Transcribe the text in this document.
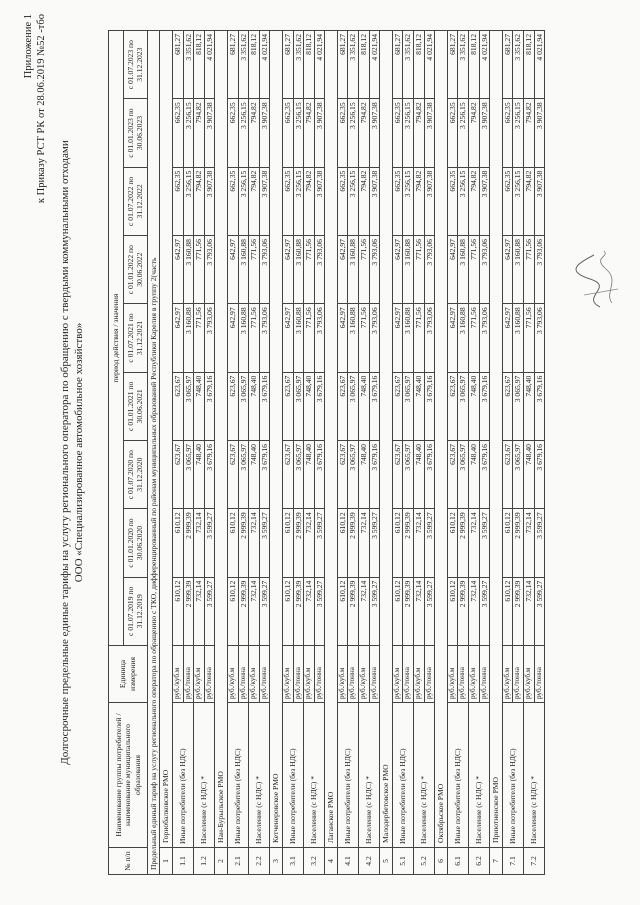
Приложение 1 к Приказу РСТ РК от 28.06.2019 №52 -тбо
Долгосрочные предельные единые тарифы на услугу регионального оператора по обращению с твердыми коммунальными отходами ООО «Специализированное автомобильное хозяйство»
№ п/п	Наименование группы потребителей / наименование муниципального образования	Единица измерения	период действия / значения								
			с 01.07.2019 по 31.12.2019	с 01.01.2020 по 30.06.2020	с 01.07.2020 по 31.12.2020	с 01.01.2021 по 30.06.2021	с 01.07.2021 по 31.12.2021	с 01.01.2022 по 30.06.2022	с 01.07.2022 по 31.12.2022	с 01.01.2023 по 30.06.2023	с 01.07.2023 по 31.12.2023
Предельный единый тариф на услугу регионального оператора по обращению с ТКО, дифференцированный по районам муниципальных образований Республики Карелия в группу 2(часть											
1	Горнобалковское РМО										
1.1	Иные потребители (без НДС)	руб./куб.м	610,12	610,12	623,67	623,67	642,97	642,97	662,35	662,35	681,27
		руб./тонна	2 999,39	2 999,39	3 065,97	3 065,97	3 160,88	3 160,88	3 256,15	3 256,15	3 351,62
1.2	Население (с НДС) *	руб./куб.м	732,14	732,14	748,40	748,40	771,56	771,56	794,82	794,82	818,12
		руб./тонна	3 599,27	3 599,27	3 679,16	3 679,16	3 793,06	3 793,06	3 907,38	3 907,38	4 021,94
2	Нан-Бурыльское РМО										
2.1	Иные потребители (без НДС)	руб./куб.м	610,12	610,12	623,67	623,67	642,97	642,97	662,35	662,35	681,27
		руб./тонна	2 999,39	2 999,39	3 065,97	3 065,97	3 160,88	3 160,88	3 256,15	3 256,15	3 351,62
2.2	Население (с НДС) *	руб./куб.м	732,14	732,14	748,40	748,40	771,56	771,56	794,82	794,82	818,12
		руб./тонна	3 599,27	3 599,27	3 679,16	3 679,16	3 793,06	3 793,06	3 907,38	3 907,38	4 021,94
3	Кетченеровское РМО										
3.1	Иные потребители (без НДС)	руб./куб.м	610,12	610,12	623,67	623,67	642,97	642,97	662,35	662,35	681,27
		руб./тонна	2 999,39	2 999,39	3 065,97	3 065,97	3 160,88	3 160,88	3 256,15	3 256,15	3 351,62
3.2	Население (с НДС) *	руб./куб.м	732,14	732,14	748,40	748,40	771,56	771,56	794,82	794,82	818,12
		руб./тонна	3 599,27	3 599,27	3 679,16	3 679,16	3 793,06	3 793,06	3 907,38	3 907,38	4 021,94
4	Лаганское РМО										
4.1	Иные потребители (без НДС)	руб./куб.м	610,12	610,12	623,67	623,67	642,97	642,97	662,35	662,35	681,27
		руб./тонна	2 999,39	2 999,39	3 065,97	3 065,97	3 160,88	3 160,88	3 256,15	3 256,15	3 351,62
4.2	Население (с НДС) *	руб./куб.м	732,14	732,14	748,40	748,40	771,56	771,56	794,82	794,82	818,12
		руб./тонна	3 599,27	3 599,27	3 679,16	3 679,16	3 793,06	3 793,06	3 907,38	3 907,38	4 021,94
5	Малодербетовское РМО										
5.1	Иные потребители (без НДС)	руб./куб.м	610,12	610,12	623,67	623,67	642,97	642,97	662,35	662,35	681,27
		руб./тонна	2 999,39	2 999,39	3 065,97	3 065,97	3 160,88	3 160,88	3 256,15	3 256,15	3 351,62
5.2	Население (с НДС) *	руб./куб.м	732,14	732,14	748,40	748,40	771,56	771,56	794,82	794,82	818,12
		руб./тонна	3 599,27	3 599,27	3 679,16	3 679,16	3 793,06	3 793,06	3 907,38	3 907,38	4 021,94
6	Октябрьское РМО										
6.1	Иные потребители (без НДС)	руб./куб.м	610,12	610,12	623,67	623,67	642,97	642,97	662,35	662,35	681,27
		руб./тонна	2 999,39	2 999,39	3 065,97	3 065,97	3 160,88	3 160,88	3 256,15	3 256,15	3 351,62
6.2	Население (с НДС) *	руб./куб.м	732,14	732,14	748,40	748,40	771,56	771,56	794,82	794,82	818,12
		руб./тонна	3 599,27	3 599,27	3 679,16	3 679,16	3 793,06	3 793,06	3 907,38	3 907,38	4 021,94
7	Приютненское РМО										
7.1	Иные потребители (без НДС)	руб./куб.м	610,12	610,12	623,67	623,67	642,97	642,97	662,35	662,35	681,27
		руб./тонна	2 999,39	2 999,39	3 065,97	3 065,97	3 160,88	3 160,88	3 256,15	3 256,15	3 351,62
7.2	Население (с НДС) *	руб./куб.м	732,14	732,14	748,40	748,40	771,56	771,56	794,82	794,82	818,12
		руб./тонна	3 599,27	3 599,27	3 679,16	3 679,16	3 793,06	3 793,06	3 907,38	3 907,38	4 021,94
